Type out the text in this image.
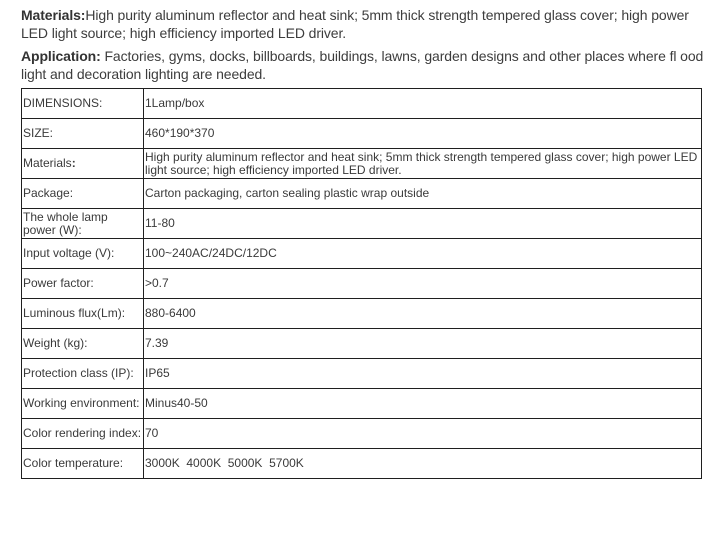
Materials:High purity aluminum reflector and heat sink; 5mm thick strength tempered glass cover; high power LED light source; high efficiency imported LED driver.
Application: Factories, gyms, docks, billboards, buildings, lawns, garden designs and other places where fl ood light and decoration lighting are needed.
DIMENSIONS:	1Lamp/box
SIZE:	460*190*370
Materials:	High purity aluminum reflector and heat sink; 5mm thick strength tempered glass cover; high power LED light source; high efficiency imported LED driver.
Package:	Carton packaging, carton sealing plastic wrap outside
The whole lamp power (W):	11-80
Input voltage (V):	100~240AC/24DC/12DC
Power factor:	>0.7
Luminous flux(Lm):	880-6400
Weight (kg):	7.39
Protection class (IP):	IP65
Working environment:	Minus40-50
Color rendering index:	70
Color temperature:	3000K  4000K  5000K  5700K
